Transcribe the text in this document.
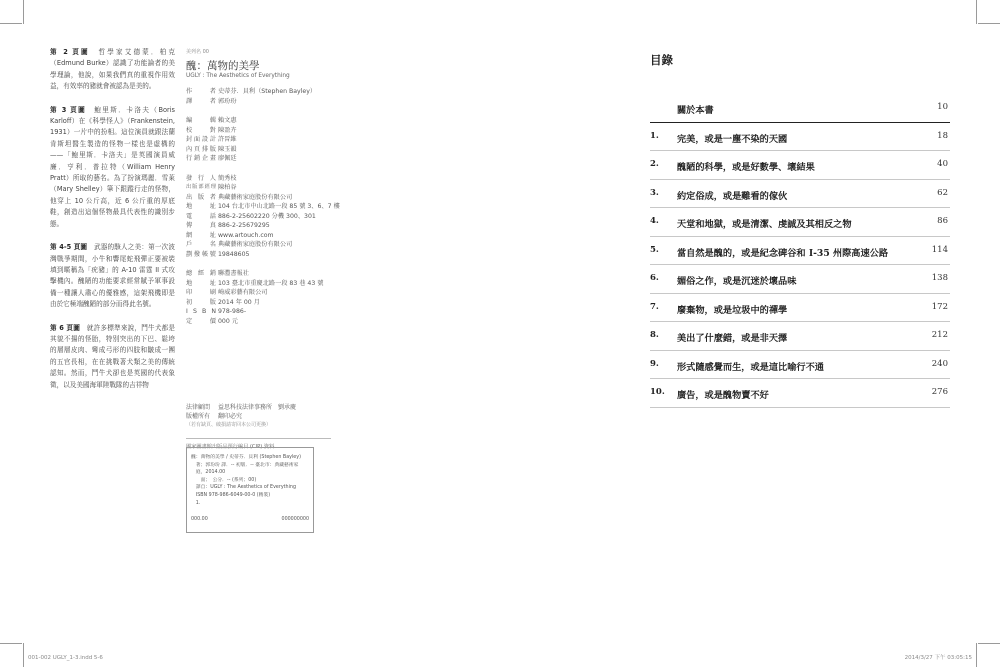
第 2 頁圖　 哲學家艾德蒙．柏克（Edmund Burke）認識了功能論者的美學理論，他說，如果我們真的重視作用效益，有效率的豬就會被認為是美的。

第 3 頁圖　 鮑里斯．卡洛夫（Boris Karloff）在《科學怪人》（Frankenstein, 1931）一片中的扮相。這位演員就跟法蘭肯斯坦醫生製造的怪物一樣也是虛構的——「鮑里斯．卡洛夫」是英國演員威廉．亨利．普拉特（William Henry Pratt）所取的藝名。為了扮演瑪麗．雪萊（Mary Shelley）筆下跟蹤行走的怪物，他穿上 10 公斤高，近 6 公斤重的厚底鞋，創造出這個怪物最具代表性的識別步態。

第 4-5 頁圖　 武器的駭人之美：第一次波灣戰爭期間，小牛和響尾蛇飛彈正要被裝填到暱稱為「疣豬」的 A-10 雷霆 II 式攻擊機內。醜陋的功能要求經常賦予軍事設備一種讓人肅心的優雅感，這架飛機即是由於它極端醜陋的部分而得此名號。

第 6 頁圖　 就許多標準來說，鬥牛犬都是其貌不揚的怪胎，特別突出的下巴、鬆垮的層層皮肉、彎成弓形的四肢和皺成一團的五官長相，在在挑戰著犬類之美的傳統認知。然而，鬥牛犬卻也是英國的代表象徵，以及美國海軍陸戰隊的吉祥物

美列名 00
醜：萬物的美學
UGLY : The Aesthetics of Everything
作　　者 史蒂芬．貝利（Stephen Bayley）
譯　　者 郭玢玢
編　　輯 賴文惠
校　　對 陳盈卉
封面設計 許晉維
內頁排版 陳玉韻
行銷企畫 廖佩廷
發 行 人 簡秀枝
出版部經理 陳柏谷
出 版 者 典藏藝術家庭股份有限公司
地　　址 104 台北市中山北路一段 85 號 3、6、7 樓
電　　話 886-2-25602220 分機 300、301
傳　　真 886-2-25679295
網　　址 www.artouch.com
戶　　名 典藏藝術家庭股份有限公司
劃撥帳號 19848605
總 經 銷 聯灃書報社
地　　址 103 臺北市重慶北路一段 83 巷 43 號
印　　刷 崎威彩藝有限公司
初　　版 2014 年 00 月
I S B N 978-986-
定　　價 000 元
法律顧問	益思科技法律事務所　劉承慶
版權所有	翻印必究
（若有缺頁、破損請寄回本公司更換）
國家圖書館出版品預行編目 (CIP) 資料
醜：萬物的美學 / 史蒂芬．貝利 (Stephen Bayley)
　著；郭玢玢 譯．-- 初版．-- 臺北市：典藏藝術家
　庭，2014.00
　　面；　公分．-- (系列；00)
　譯自：UGLY : The Aesthetics of Everything
　ISBN 978-986-6049-00-0 (精裝)
　1.
000.00	000000000
目錄
關於本書	10
1. 完美，或是一塵不染的天國	18
2. 醜陋的科學，或是好數學、壞結果	40
3. 約定俗成，或是難看的傢伙	62
4. 天堂和地獄，或是清潔、虔誠及其相反之物	86
5. 當自然是醜的，或是紀念碑谷和 I-35 州際高速公路	114
6. 媚俗之作，或是沉迷於壞品味	138
7. 廢棄物，或是垃圾中的禪學	172
8. 美出了什麼錯，或是非天擇	212
9. 形式隨感覺而生，或是這比喻行不通	240
10. 廣告，或是醜物賣不好	276
001-002 UGLY_1-3.indd 5-6	2014/3/27 下午 03:05:15
